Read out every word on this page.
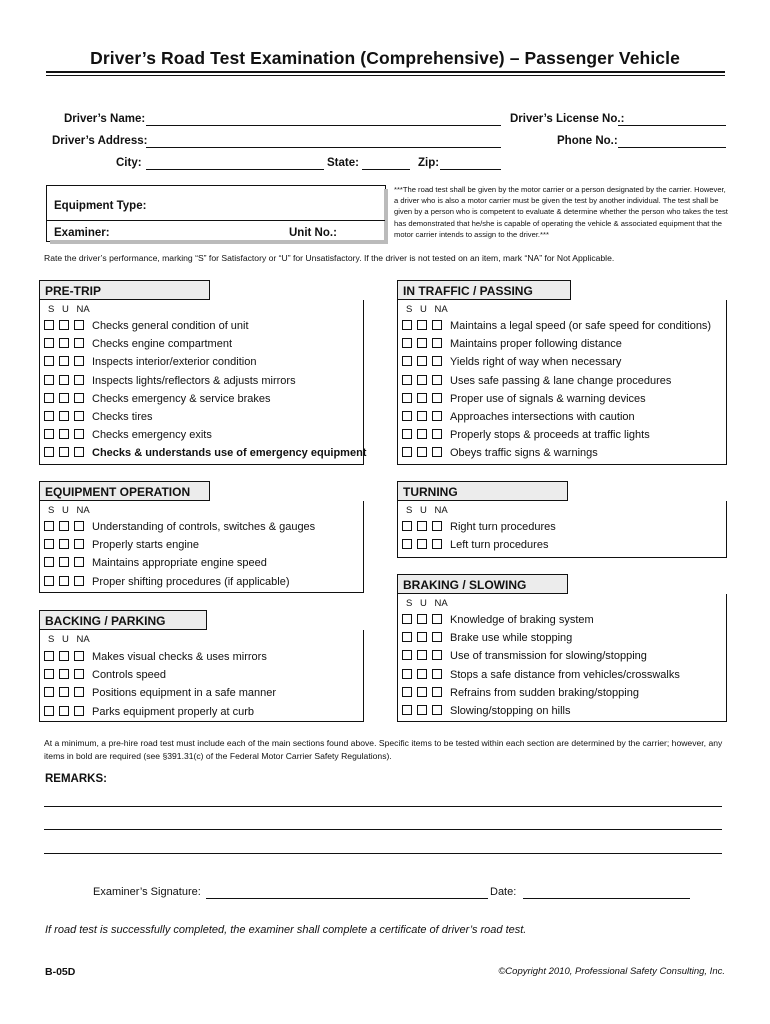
Driver’s Road Test Examination (Comprehensive) – Passenger Vehicle
Driver’s Name:	Driver’s License No.:
Driver’s Address:	Phone No.:
City:	State:	Zip:
Equipment Type:
Examiner:	Unit No.:
***The road test shall be given by the motor carrier or a person designated by the carrier. However, a driver who is also a motor carrier must be given the test by another individual. The test shall be given by a person who is competent to evaluate & determine whether the person who takes the test has demonstrated that he/she is capable of operating the vehicle & associated equipment that the motor carrier intends to assign to the driver.***
Rate the driver’s performance, marking “S” for Satisfactory or “U” for Unsatisfactory. If the driver is not tested on an item, mark “NA” for Not Applicable.
PRE-TRIP
S U NA
IN TRAFFIC / PASSING
S U NA
EQUIPMENT OPERATION
S U NA
TURNING
S U NA
BACKING / PARKING
S U NA
BRAKING / SLOWING
S U NA
Checks general condition of unit
Checks engine compartment
Inspects interior/exterior condition
Inspects lights/reflectors & adjusts mirrors
Checks emergency & service brakes
Checks tires
Checks emergency exits
Checks & understands use of emergency equipment
Maintains a legal speed (or safe speed for conditions)
Maintains proper following distance
Yields right of way when necessary
Uses safe passing & lane change procedures
Proper use of signals & warning devices
Approaches intersections with caution
Properly stops & proceeds at traffic lights
Obeys traffic signs & warnings
Understanding of controls, switches & gauges
Properly starts engine
Maintains appropriate engine speed
Proper shifting procedures (if applicable)
Right turn procedures
Left turn procedures
Makes visual checks & uses mirrors
Controls speed
Positions equipment in a safe manner
Parks equipment properly at curb
Knowledge of braking system
Brake use while stopping
Use of transmission for slowing/stopping
Stops a safe distance from vehicles/crosswalks
Refrains from sudden braking/stopping
Slowing/stopping on hills
At a minimum, a pre-hire road test must include each of the main sections found above. Specific items to be tested within each section are determined by the carrier; however, any items in bold are required (see §391.31(c) of the Federal Motor Carrier Safety Regulations).
REMARKS:
Examiner’s Signature:	Date:
If road test is successfully completed, the examiner shall complete a certificate of driver’s road test.
B-05D	©Copyright 2010, Professional Safety Consulting, Inc.
